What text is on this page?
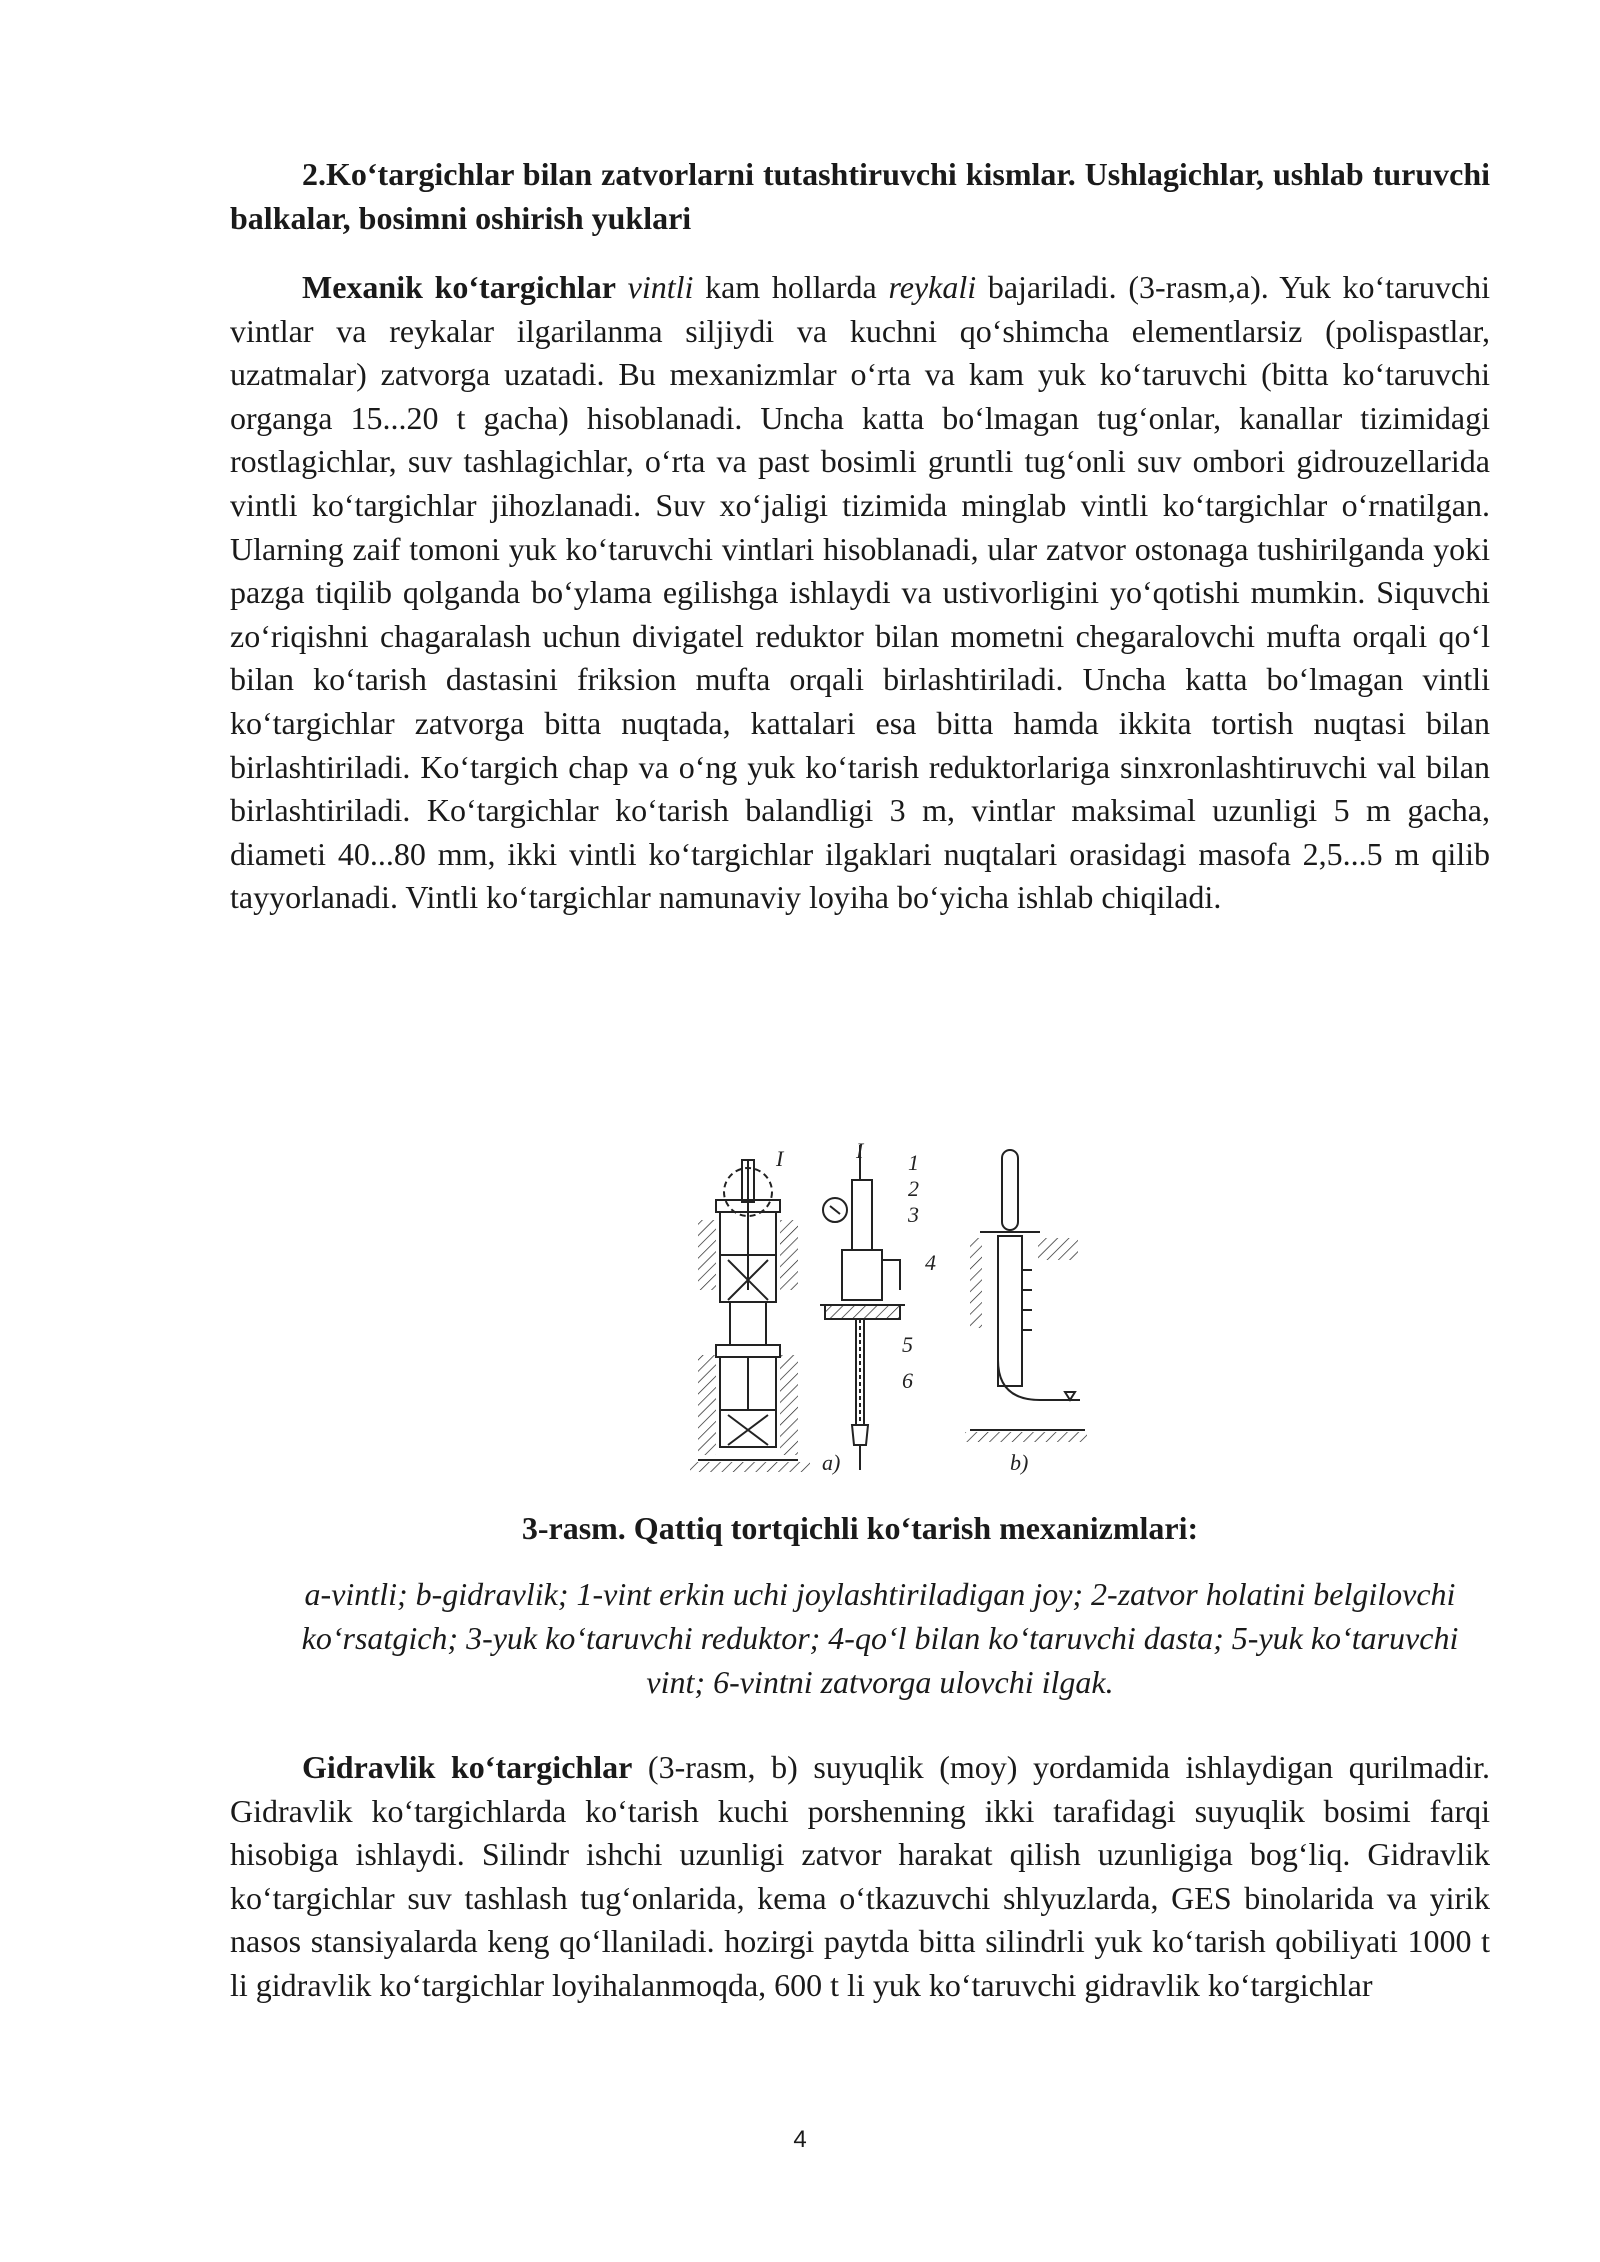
2.Koʻtargichlar bilan zatvorlarni tutashtiruvchi kismlar. Ushlagichlar, ushlab turuvchi balkalar, bosimni oshirish yuklari

Mexanik koʻtargichlar vintli kam hollarda reykali bajariladi. (3-rasm,a). Yuk koʻtaruvchi vintlar va reykalar ilgarilanma siljiydi va kuchni qoʻshimcha elementlarsiz (polispastlar, uzatmalar) zatvorga uzatadi. Bu mexanizmlar oʻrta va kam yuk koʻtaruvchi (bitta koʻtaruvchi organga 15...20 t gacha) hisoblanadi. Uncha katta boʻlmagan tugʻonlar, kanallar tizimidagi rostlagichlar, suv tashlagichlar, oʻrta va past bosimli gruntli tugʻonli suv ombori gidrouzellarida vintli koʻtargichlar jihozlanadi. Suv xoʻjaligi tizimida minglab vintli koʻtargichlar oʻrnatilgan. Ularning zaif tomoni yuk koʻtaruvchi vintlari hisoblanadi, ular zatvor ostonaga tushirilganda yoki pazga tiqilib qolganda boʻylama egilishga ishlaydi va ustivorligini yoʻqotishi mumkin. Siquvchi zoʻriqishni chagaralash uchun divigatel reduktor bilan mometni chegaralovchi mufta orqali qoʻl bilan koʻtarish dastasini friksion mufta orqali birlashtiriladi. Uncha katta boʻlmagan vintli koʻtargichlar zatvorga bitta nuqtada, kattalari esa bitta hamda ikkita tortish nuqtasi bilan birlashtiriladi. Koʻtargich chap va oʻng yuk koʻtarish reduktorlariga sinxronlashtiruvchi val bilan birlashtiriladi. Koʻtargichlar koʻtarish balandligi 3 m, vintlar maksimal uzunligi 5 m gacha, diameti 40...80 mm, ikki vintli koʻtargichlar ilgaklari nuqtalari orasidagi masofa 2,5...5 m qilib tayyorlanadi. Vintli koʻtargichlar namunaviy loyiha boʻyicha ishlab chiqiladi.

I	I 1
2
3
4
5
6
a)	b)
3-rasm. Qattiq tortqichli koʻtarish mexanizmlari:
a-vintli; b-gidravlik; 1-vint erkin uchi joylashtiriladigan joy; 2-zatvor holatini belgilovchi koʻrsatgich; 3-yuk koʻtaruvchi reduktor; 4-qoʻl bilan koʻtaruvchi dasta; 5-yuk koʻtaruvchi vint; 6-vintni zatvorga ulovchi ilgak.

Gidravlik koʻtargichlar (3-rasm, b) suyuqlik (moy) yordamida ishlaydigan qurilmadir. Gidravlik koʻtargichlarda koʻtarish kuchi porshenning ikki tarafidagi suyuqlik bosimi farqi hisobiga ishlaydi. Silindr ishchi uzunligi zatvor harakat qilish uzunligiga bogʻliq. Gidravlik koʻtargichlar suv tashlash tugʻonlarida, kema oʻtkazuvchi shlyuzlarda, GES binolarida va yirik nasos stansiyalarda keng qoʻllaniladi. hozirgi paytda bitta silindrli yuk koʻtarish qobiliyati 1000 t li gidravlik koʻtargichlar loyihalanmoqda, 600 t li yuk koʻtaruvchi gidravlik koʻtargichlar

4
